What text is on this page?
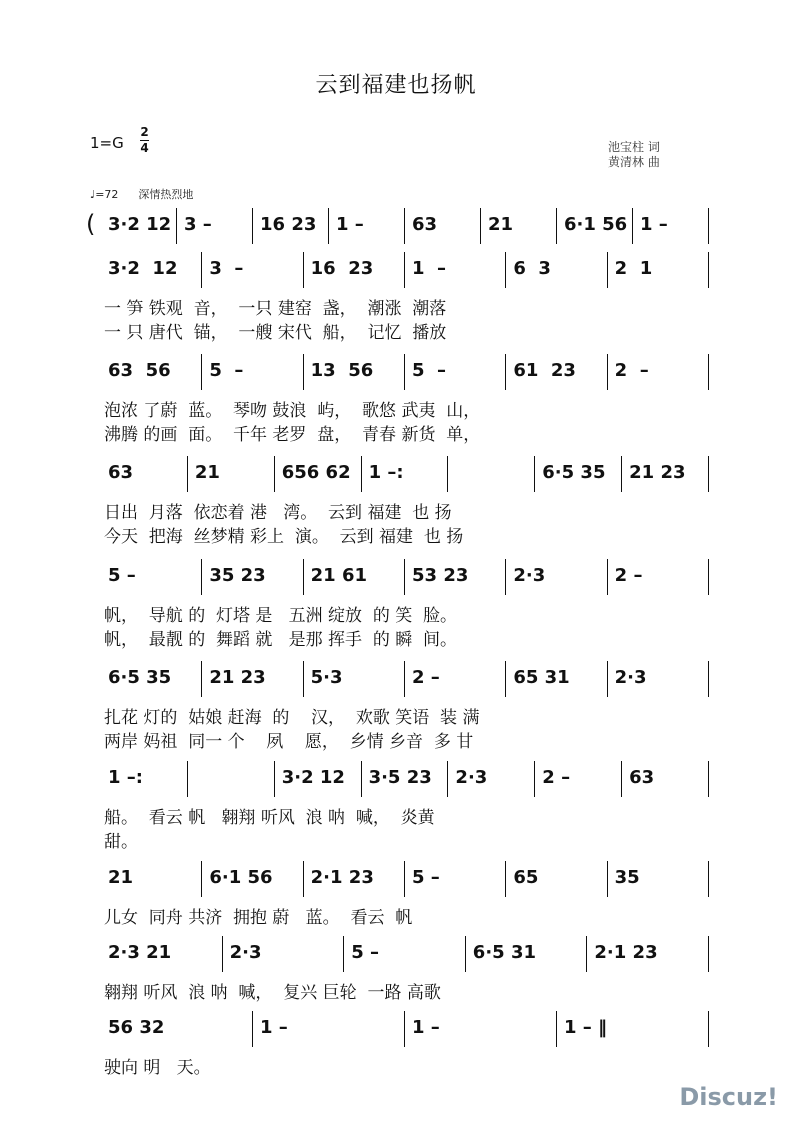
云到福建也扬帆
1=G
2
4	池宝柱 词
黄清林 曲
♩=72 深情热烈地
3·2 12 3 –	16 23 1 –	63	21	6·1 56 1 –
(
3·2  12 3  –	16  23 1  –	6  3	2  1
一 笋 铁观  音，  一只 建窑  盏，  潮涨  潮落
一 只 唐代  锚，  一艘 宋代  船，  记忆  播放
63  56 5  –	13  56 5  –	61  23 2  –
泡浓 了蔚  蓝。  琴吻 鼓浪  屿，  歌悠 武夷  山，
沸腾 的画  面。  千年 老罗  盘，  青春 新货  单，
63	21	656 62 1 –:	6·5 35 21 23
日出  月落  依恋着 港   湾。  云到 福建  也 扬
今天  把海  丝梦精 彩上  演。  云到 福建  也 扬
5 –	35 23 21 61 53 23 2·3	2 –
帆，  导航 的  灯塔 是   五洲 绽放  的 笑  脸。
帆，  最靓 的  舞蹈 就   是那 挥手  的 瞬  间。
6·5 35 21 23 5·3	2 –	65 31 2·3
扎花 灯的  姑娘 赶海  的    汉，  欢歌 笑语  装 满
两岸 妈祖  同一 个    夙    愿，  乡情 乡音  多 甘
1 –:	3·2 12 3·5 23 2·3	2 –	63
船。  看云 帆   翱翔 听风  浪 呐  喊，  炎黄
甜。
21	6·1 56 2·1 23 5 –	65	35
儿女  同舟 共济  拥抱 蔚   蓝。  看云  帆
2·3 21	2·3	5 –	6·5 31	2·1 23
翱翔 听风  浪 呐  喊，  复兴 巨轮  一路 高歌
56 32	1 –	1 –	1 – ‖
驶向 明   天。
Discuz!
